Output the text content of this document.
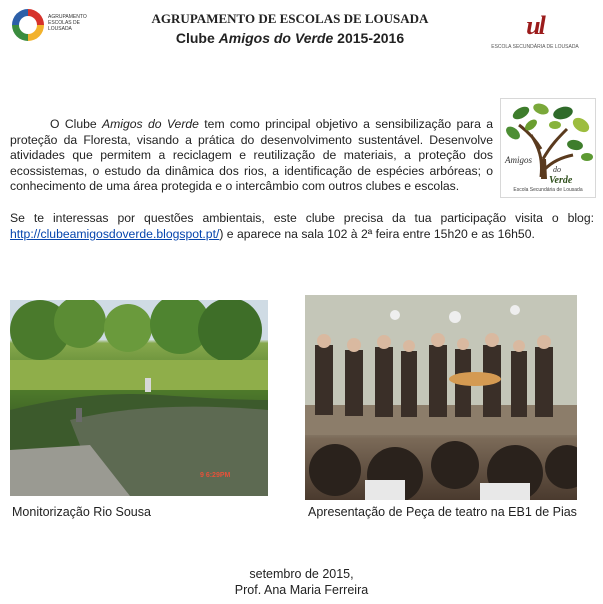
AGRUPAMENTO ESCOLAS DE LOUSADA
AGRUPAMENTO DE ESCOLAS DE LOUSADA
Clube Amigos do Verde 2015-2016	ul
ESCOLA SECUNDÁRIA DE LOUSADA
O Clube Amigos do Verde tem como principal objetivo a sensibilização para a proteção da Floresta, visando a prática do desenvolvimento sustentável. Desenvolve atividades que permitem a reciclagem e reutilização de materiais, a proteção dos ecossistemas, o estudo da dinâmica dos rios, a identificação de espécies arbóreas; o conhecimento de uma área protegida e o intercâmbio com outros clubes e escolas.
Amigos
do
Verde
Escola Secundária de Lousada
Se te interessas por questões ambientais, este clube precisa da tua participação visita o blog: http://clubeamigosdoverde.blogspot.pt/) e aparece na sala 102 à 2ª feira entre 15h20 e as 16h50.
9 6:29PM
Monitorização Rio Sousa	Apresentação de Peça de teatro na EB1 de Pias
setembro de 2015,
Prof. Ana Maria Ferreira
